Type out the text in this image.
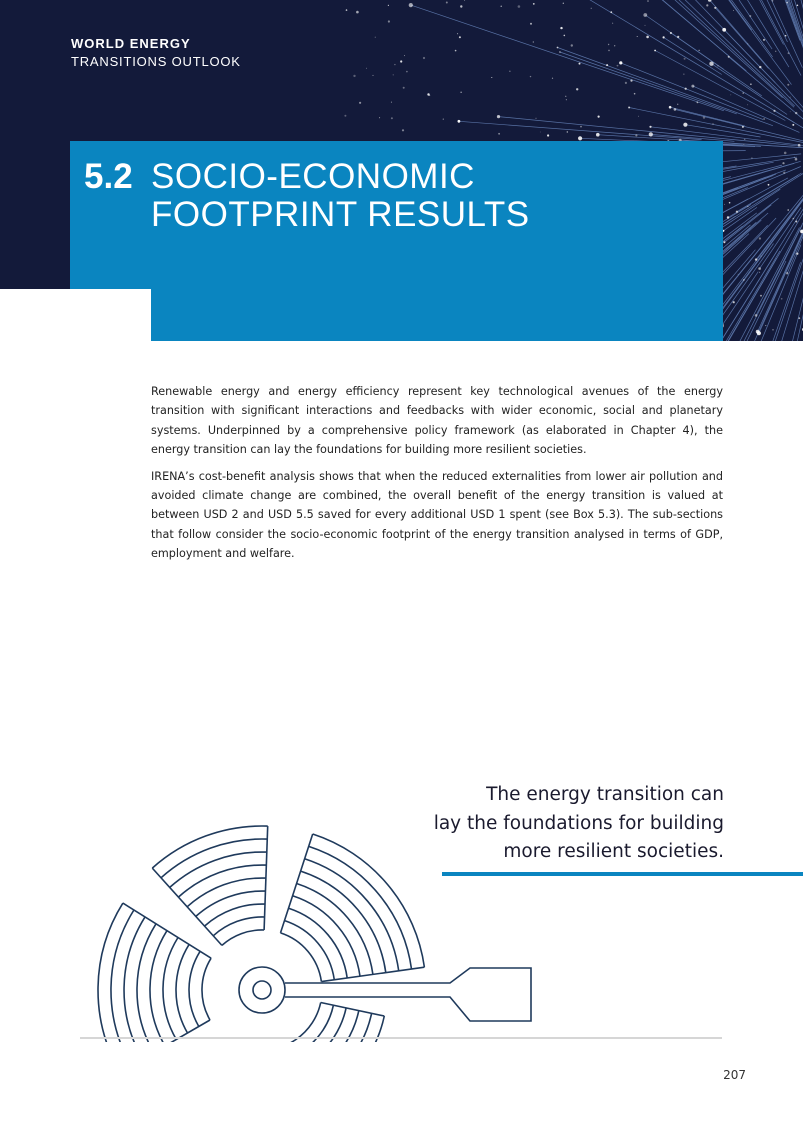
WORLD ENERGY
TRANSITIONS OUTLOOK
5.2 SOCIO-ECONOMIC
FOOTPRINT RESULTS

Renewable energy and energy efficiency represent key technological avenues of the energy transition with significant interactions and feedbacks with wider economic, social and planetary systems. Underpinned by a comprehensive policy framework (as elaborated in Chapter 4), the energy transition can lay the foundations for building more resilient societies.

IRENA’s cost-benefit analysis shows that when the reduced externalities from lower air pollution and avoided climate change are combined, the overall benefit of the energy transition is valued at between USD 2 and USD 5.5 saved for every additional USD 1 spent (see Box 5.3). The sub-sections that follow consider the socio-economic footprint of the energy transition analysed in terms of GDP, employment and welfare.

The energy transition can
lay the foundations for building
more resilient societies.
207
